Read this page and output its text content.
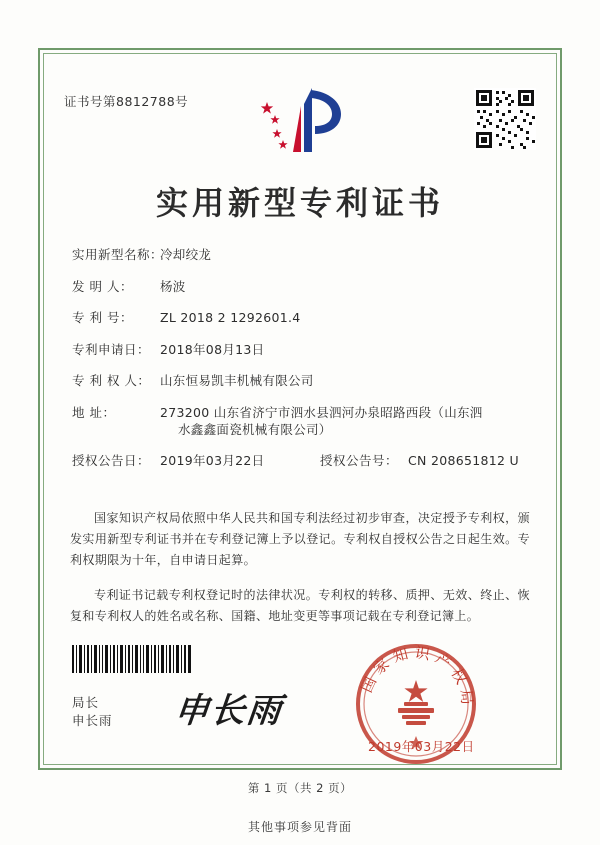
证书号第8812788号
实用新型专利证书
实用新型名称：
冷却绞龙
发 明 人：	杨波
专 利 号：	ZL 2018 2 1292601.4
专利申请日： 2018年08月13日
专 利 权 人： 山东恒易凯丰机械有限公司
地 址：	273200 山东省济宁市泗水县泗河办泉昭路西段（山东泗
水鑫鑫面瓷机械有限公司）
授权公告日： 2019年03月22日	授权公告号： CN 208651812 U

国家知识产权局依照中华人民共和国专利法经过初步审查，决定授予专利权，颁发实用新型专利证书并在专利登记簿上予以登记。专利权自授权公告之日起生效。专利权期限为十年，自申请日起算。

专利证书记载专利权登记时的法律状况。专利权的转移、质押、无效、终止、恢复和专利权人的姓名或名称、国籍、地址变更等事项记载在专利登记簿上。

局长
申长雨 申长雨
国家知识产权局
2019年03月22日
第 1 页（共 2 页）
其他事项参见背面
